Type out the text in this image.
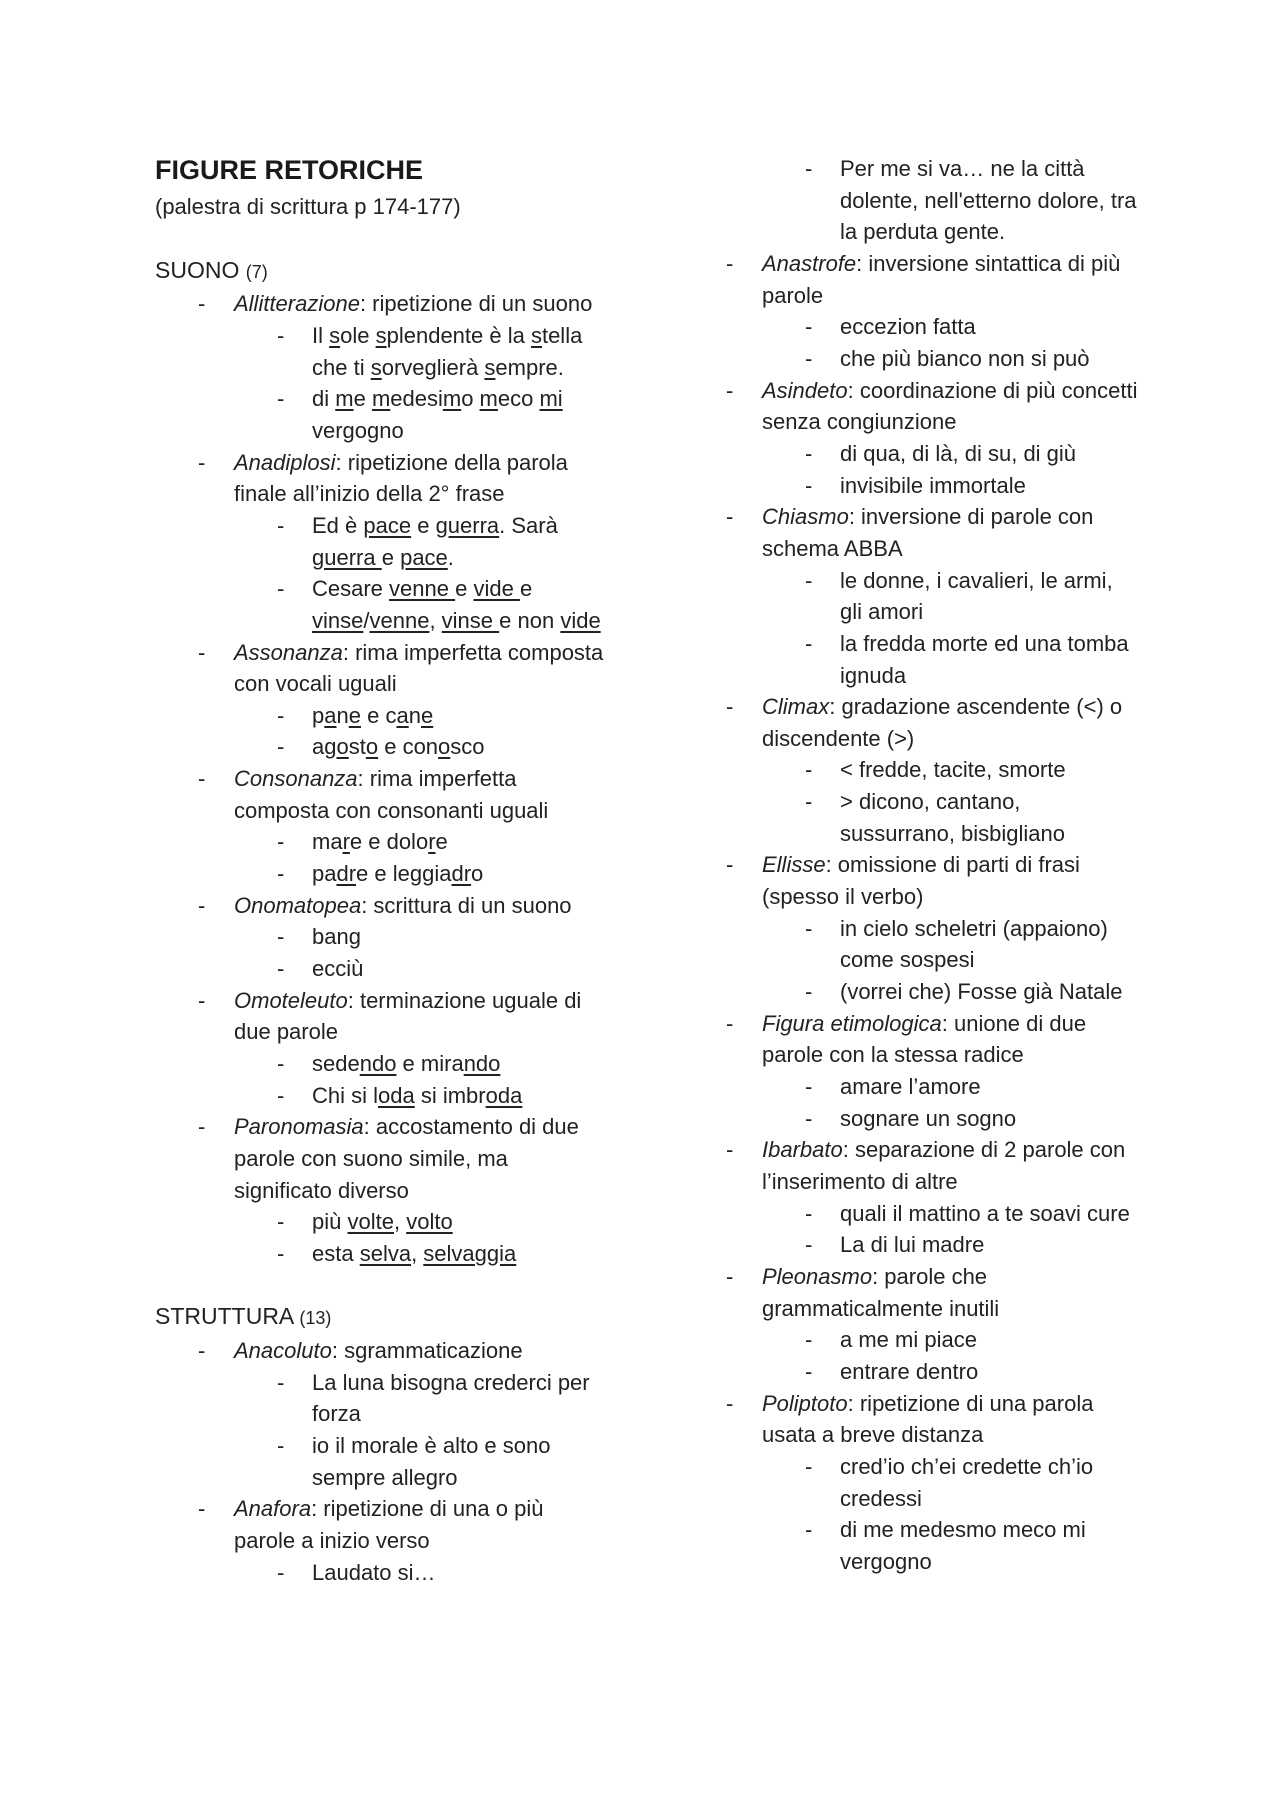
FIGURE RETORICHE
(palestra di scrittura p 174-177)
SUONO (7)
- Allitterazione: ripetizione di un suono
- Il sole splendente è la stella che ti sorveglierà sempre.
- di me medesimo meco mi vergogno
- Anadiplosi: ripetizione della parola finale all’inizio della 2° frase
- Ed è pace e guerra. Sarà guerra e pace.
- Cesare venne e vide e vinse/venne, vinse e non vide
- Assonanza: rima imperfetta composta con vocali uguali
- pane e cane
- agosto e conosco
- Consonanza: rima imperfetta composta con consonanti uguali
- mare e dolore
- padre e leggiadro
- Onomatopea: scrittura di un suono
- bang
- ecciù
- Omoteleuto: terminazione uguale di due parole
- sedendo e mirando
- Chi si loda si imbroda
- Paronomasia: accostamento di due parole con suono simile, ma significato diverso
- più volte, volto
- esta selva, selvaggia
STRUTTURA (13)
- Anacoluto: sgrammaticazione
- La luna bisogna crederci per forza
- io il morale è alto e sono sempre allegro
- Anafora: ripetizione di una o più parole a inizio verso
- Laudato si…
- Per me si va… ne la città dolente, nell'etterno dolore, tra la perduta gente.
- Anastrofe: inversione sintattica di più parole
- eccezion fatta
- che più bianco non si può
- Asindeto: coordinazione di più concetti senza congiunzione
- di qua, di là, di su, di giù
- invisibile immortale
- Chiasmo: inversione di parole con schema ABBA
- le donne, i cavalieri, le armi, gli amori
- la fredda morte ed una tomba ignuda
- Climax: gradazione ascendente (<) o discendente (>)
- < fredde, tacite, smorte
- > dicono, cantano, sussurrano, bisbigliano
- Ellisse: omissione di parti di frasi (spesso il verbo)
- in cielo scheletri (appaiono) come sospesi
- (vorrei che) Fosse già Natale
- Figura etimologica: unione di due parole con la stessa radice
- amare l’amore
- sognare un sogno
- Ibarbato: separazione di 2 parole con l’inserimento di altre
- quali il mattino a te soavi cure
- La di lui madre
- Pleonasmo: parole che grammaticalmente inutili
- a me mi piace
- entrare dentro
- Poliptoto: ripetizione di una parola usata a breve distanza
- cred’io ch’ei credette ch’io credessi
- di me medesmo meco mi vergogno
